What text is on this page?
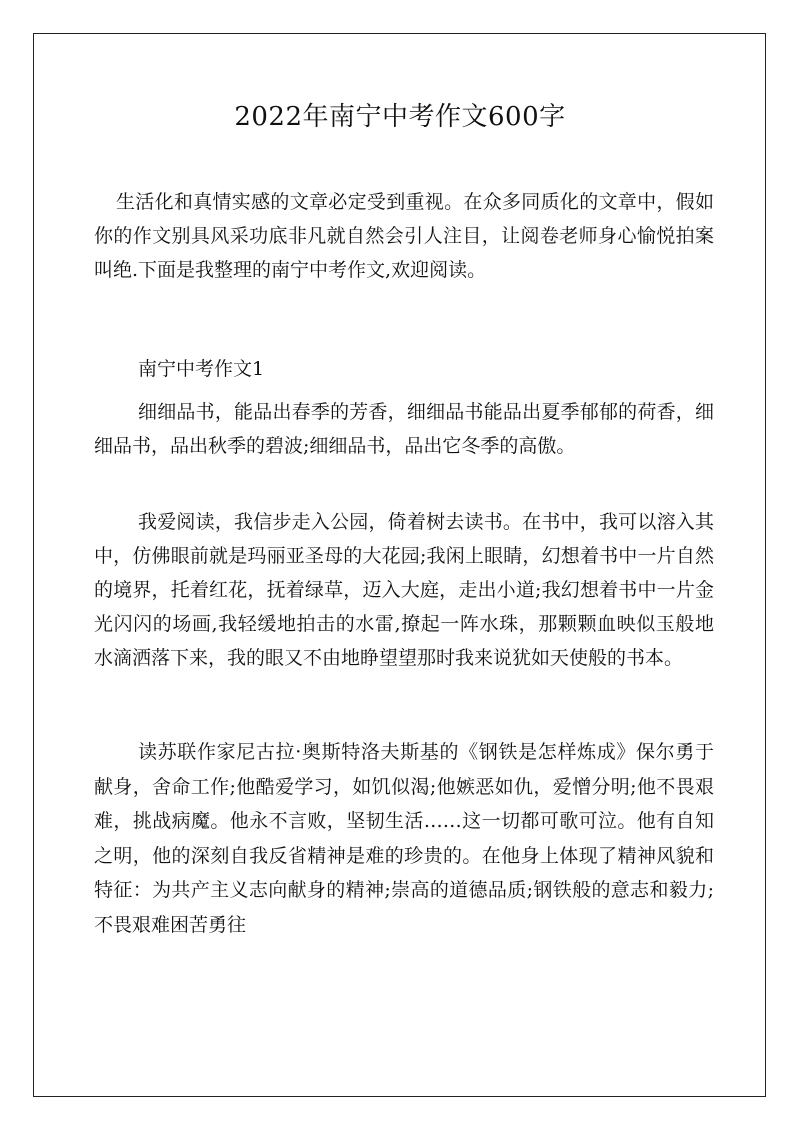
2022年南宁中考作文600字

生活化和真情实感的文章必定受到重视。在众多同质化的文章中，假如你的作文别具风采功底非凡就自然会引人注目，让阅卷老师身心愉悦拍案叫绝.下面是我整理的南宁中考作文,欢迎阅读。

南宁中考作文1

细细品书，能品出春季的芳香，细细品书能品出夏季郁郁的荷香，细细品书，品出秋季的碧波;细细品书，品出它冬季的高傲。

我爱阅读，我信步走入公园，倚着树去读书。在书中，我可以溶入其中，仿佛眼前就是玛丽亚圣母的大花园;我闲上眼睛，幻想着书中一片自然的境界，托着红花，抚着绿草，迈入大庭，走出小道;我幻想着书中一片金光闪闪的场画,我轻缓地拍击的水雷,撩起一阵水珠，那颗颗血映似玉般地水滴洒落下来，我的眼又不由地睁望望那时我来说犹如天使般的书本。

读苏联作家尼古拉·奥斯特洛夫斯基的《钢铁是怎样炼成》保尔勇于献身，舍命工作;他酷爱学习，如饥似渴;他嫉恶如仇，爱憎分明;他不畏艰难，挑战病魔。他永不言败，坚韧生活……这一切都可歌可泣。他有自知之明，他的深刻自我反省精神是难的珍贵的。在他身上体现了精神风貌和特征：为共产主义志向献身的精神;崇高的道德品质;钢铁般的意志和毅力;不畏艰难困苦勇往
